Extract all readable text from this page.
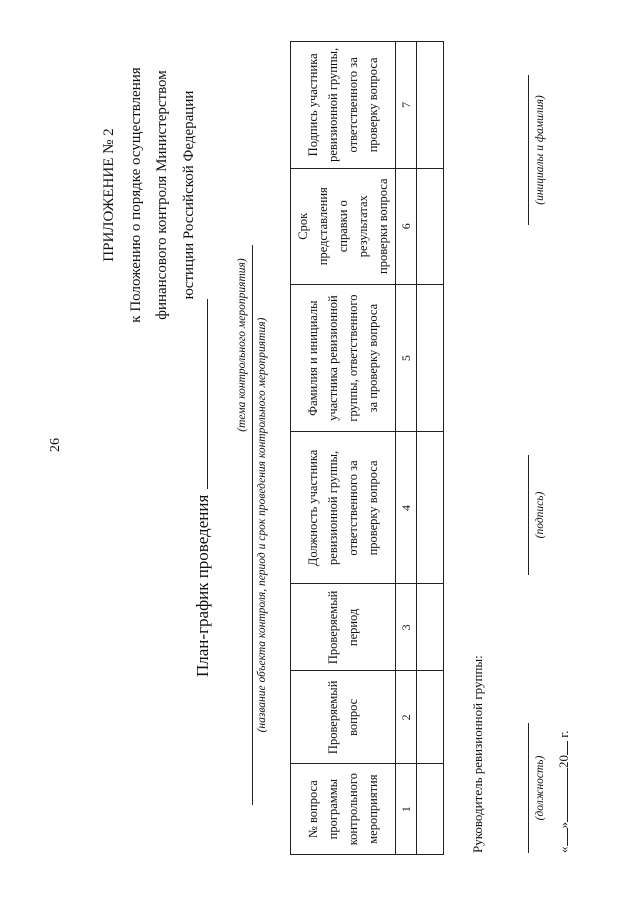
26
ПРИЛОЖЕНИЕ № 2 к Положению о порядке осуществления финансового контроля Министерством юстиции Российской Федерации
План-график проведения
(тема контрольного мероприятия) (название объекта контроля, период и срок проведения контрольного мероприятия)
№ вопроса программы контрольного мероприятия	Проверяемый вопрос	Проверяемый период	Должность участника ревизионной группы, ответственного за проверку вопроса	Фамилия и инициалы участника ревизионной группы, ответственного за проверку вопроса	Срок представления справки о результатах проверки вопроса	Подпись участника ревизионной группы, ответственного за проверку вопроса
1	2	3	4	5	6	7

Руководитель ревизионной группы:	(должность)
(подпись)
(инициалы и фамилия)
«»20 г.
